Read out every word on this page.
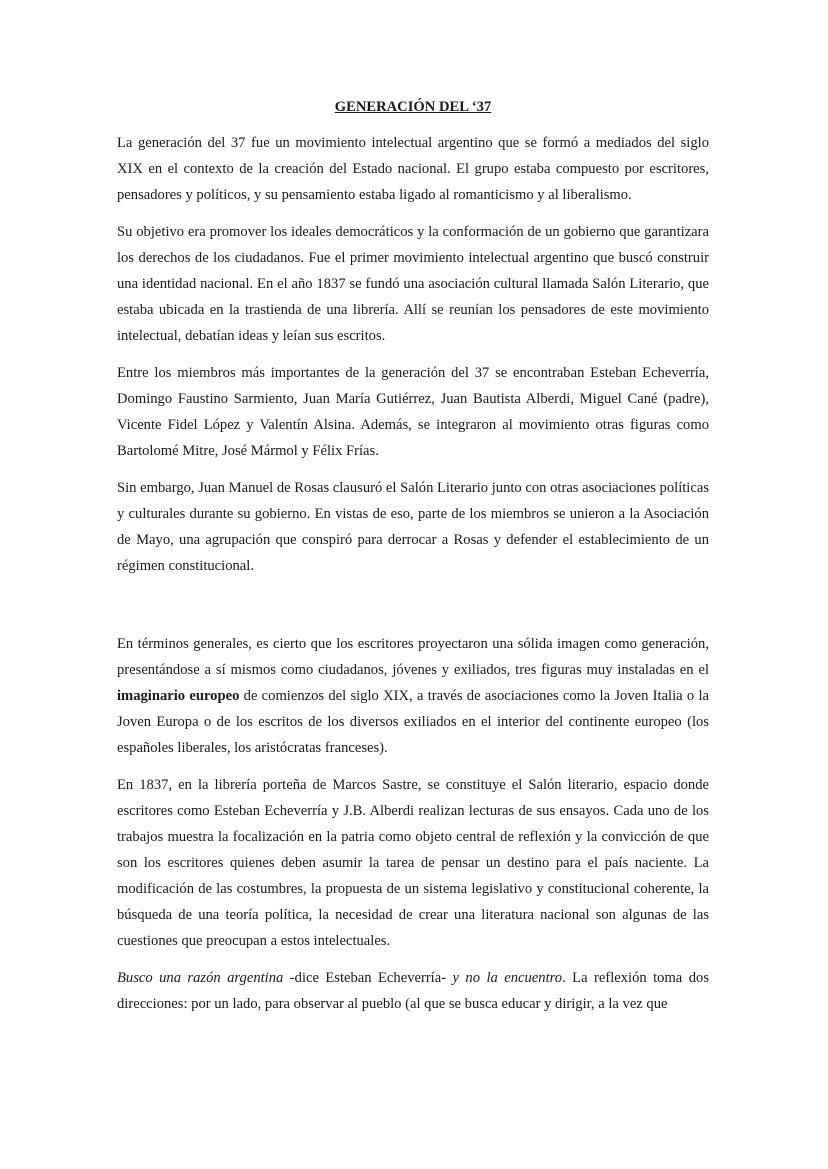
GENERACIÓN DEL ‘37

La generación del 37 fue un movimiento intelectual argentino que se formó a mediados del siglo XIX en el contexto de la creación del Estado nacional. El grupo estaba compuesto por escritores, pensadores y políticos, y su pensamiento estaba ligado al romanticismo y al liberalismo.

Su objetivo era promover los ideales democráticos y la conformación de un gobierno que garantizara los derechos de los ciudadanos. Fue el primer movimiento intelectual argentino que buscó construir una identidad nacional. En el año 1837 se fundó una asociación cultural llamada Salón Literario, que estaba ubicada en la trastienda de una librería. Allí se reunían los pensadores de este movimiento intelectual, debatían ideas y leían sus escritos.

Entre los miembros más importantes de la generación del 37 se encontraban Esteban Echeverría, Domingo Faustino Sarmiento, Juan María Gutiérrez, Juan Bautista Alberdi, Miguel Cané (padre), Vicente Fidel López y Valentín Alsina. Además, se integraron al movimiento otras figuras como Bartolomé Mitre, José Mármol y Félix Frías.

Sin embargo, Juan Manuel de Rosas clausuró el Salón Literario junto con otras asociaciones políticas y culturales durante su gobierno. En vistas de eso, parte de los miembros se unieron a la Asociación de Mayo, una agrupación que conspiró para derrocar a Rosas y defender el establecimiento de un régimen constitucional.

En términos generales, es cierto que los escritores proyectaron una sólida imagen como generación, presentándose a sí mismos como ciudadanos, jóvenes y exiliados, tres figuras muy instaladas en el imaginario europeo de comienzos del siglo XIX, a través de asociaciones como la Joven Italia o la Joven Europa o de los escritos de los diversos exiliados en el interior del continente europeo (los españoles liberales, los aristócratas franceses).

En 1837, en la librería porteña de Marcos Sastre, se constituye el Salón literario, espacio donde escritores como Esteban Echeverría y J.B. Alberdi realizan lecturas de sus ensayos. Cada uno de los trabajos muestra la focalización en la patria como objeto central de reflexión y la convicción de que son los escritores quienes deben asumir la tarea de pensar un destino para el país naciente. La modificación de las costumbres, la propuesta de un sistema legislativo y constitucional coherente, la búsqueda de una teoría política, la necesidad de crear una literatura nacional son algunas de las cuestiones que preocupan a estos intelectuales.

Busco una razón argentina -dice Esteban Echeverría- y no la encuentro. La reflexión toma dos direcciones: por un lado, para observar al pueblo (al que se busca educar y dirigir, a la vez que
